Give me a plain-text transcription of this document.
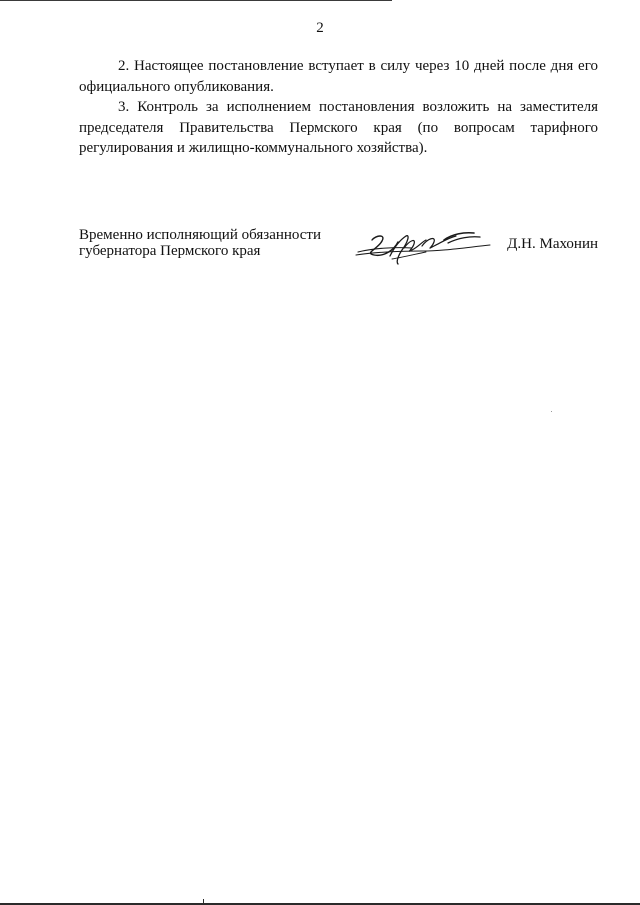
2

2. Настоящее постановление вступает в силу через 10 дней после дня его официального опубликования.

3. Контроль за исполнением постановления возложить на заместителя председателя Правительства Пермского края (по вопросам тарифного регулирования и жилищно-коммунального хозяйства).

Временно исполняющий обязанности
губернатора Пермского края	Д.Н. Махонин
